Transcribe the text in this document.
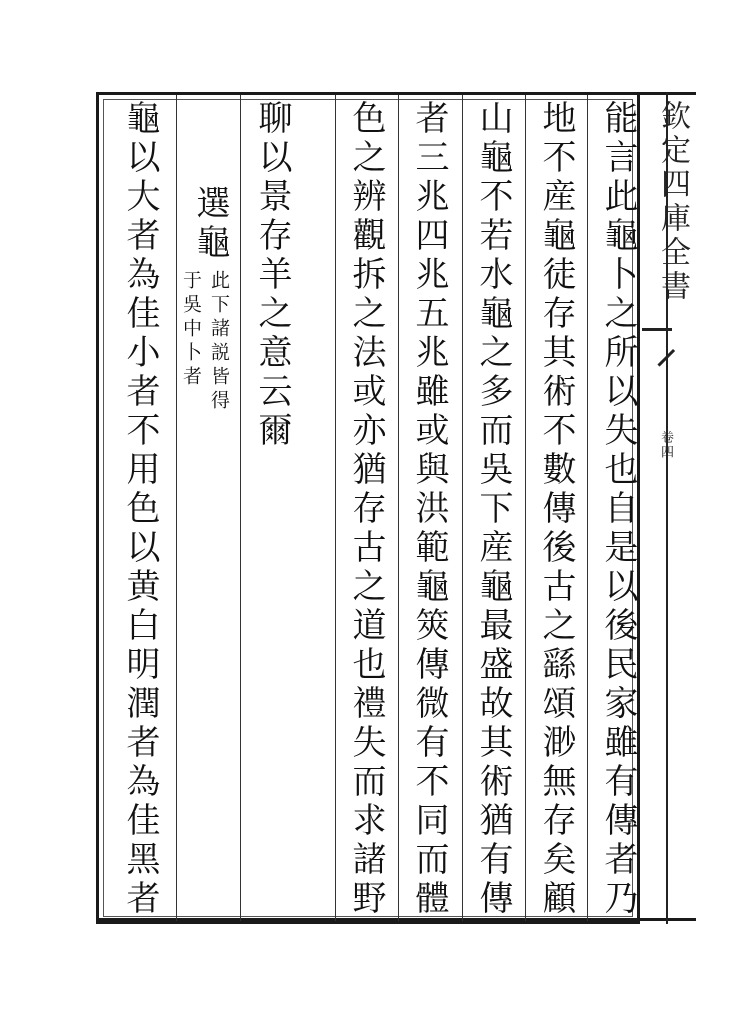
欽定四庫全書
卷四
能言此龜卜之所以失也自是以後民家雖有傳者乃
地不産龜徒存其術不數傳後古之繇頌渺無存矣顧
山龜不若水龜之多而吳下産龜最盛故其術猶有傳
者三兆四兆五兆雖或與洪範龜筴傳微有不同而體
色之辨觀拆之法或亦猶存古之道也禮失而求諸野
聊以景存羊之意云爾
選龜
此下諸説皆得
于吳中卜者
龜以大者為佳小者不用色以黄白明潤者為佳黑者
